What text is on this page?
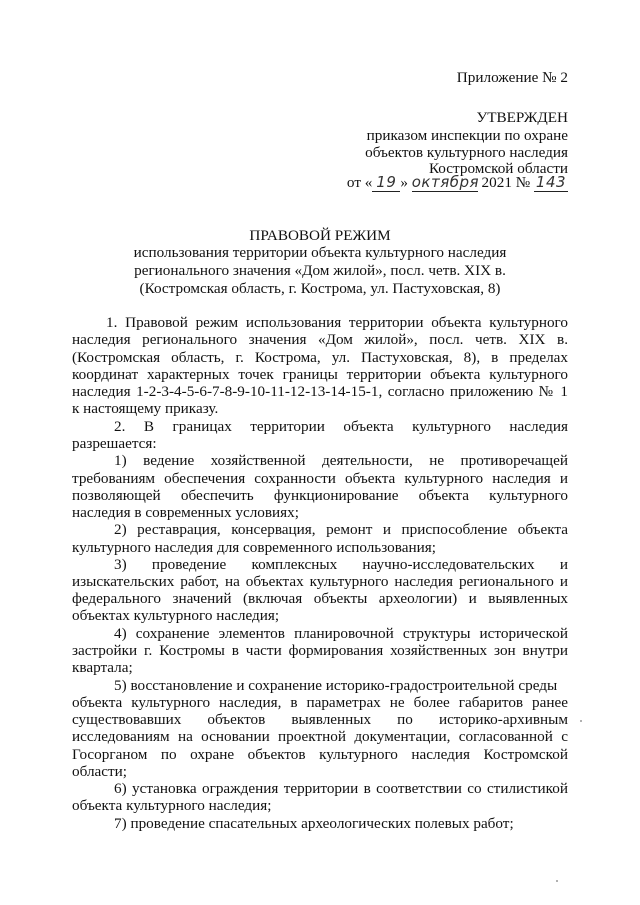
Приложение № 2
УТВЕРЖДЕН
приказом инспекции по охране
объектов культурного наследия
Костромской области
от « 19 » октября 2021 № 143
ПРАВОВОЙ РЕЖИМ
использования территории объекта культурного наследия
регионального значения «Дом жилой», посл. четв. XIX в.
(Костромская область, г. Кострома, ул. Пастуховская, 8)
1. Правовой режим использования территории объекта культурного
наследия регионального значения «Дом жилой», посл. четв. XIX в.
(Костромская область, г. Кострома, ул. Пастуховская, 8), в пределах
координат характерных точек границы территории объекта культурного
наследия 1-2-3-4-5-6-7-8-9-10-11-12-13-14-15-1, согласно приложению № 1
к настоящему приказу.
2. В границах территории объекта культурного наследия
разрешается:
1) ведение хозяйственной деятельности, не противоречащей
требованиям обеспечения сохранности объекта культурного наследия и
позволяющей обеспечить функционирование объекта культурного
наследия в современных условиях;
2) реставрация, консервация, ремонт и приспособление объекта
культурного наследия для современного использования;
3) проведение комплексных научно-исследовательских и
изыскательских работ, на объектах культурного наследия регионального и
федерального значений (включая объекты археологии) и выявленных
объектах культурного наследия;
4) сохранение элементов планировочной структуры исторической
застройки г. Костромы в части формирования хозяйственных зон внутри
квартала;
5) восстановление и сохранение историко-градостроительной среды
объекта культурного наследия, в параметрах не более габаритов ранее
существовавших объектов выявленных по историко-архивным
исследованиям на основании проектной документации, согласованной с
Госорганом по охране объектов культурного наследия Костромской
области;
6) установка ограждения территории в соответствии со стилистикой
объекта культурного наследия;
7) проведение спасательных археологических полевых работ;
